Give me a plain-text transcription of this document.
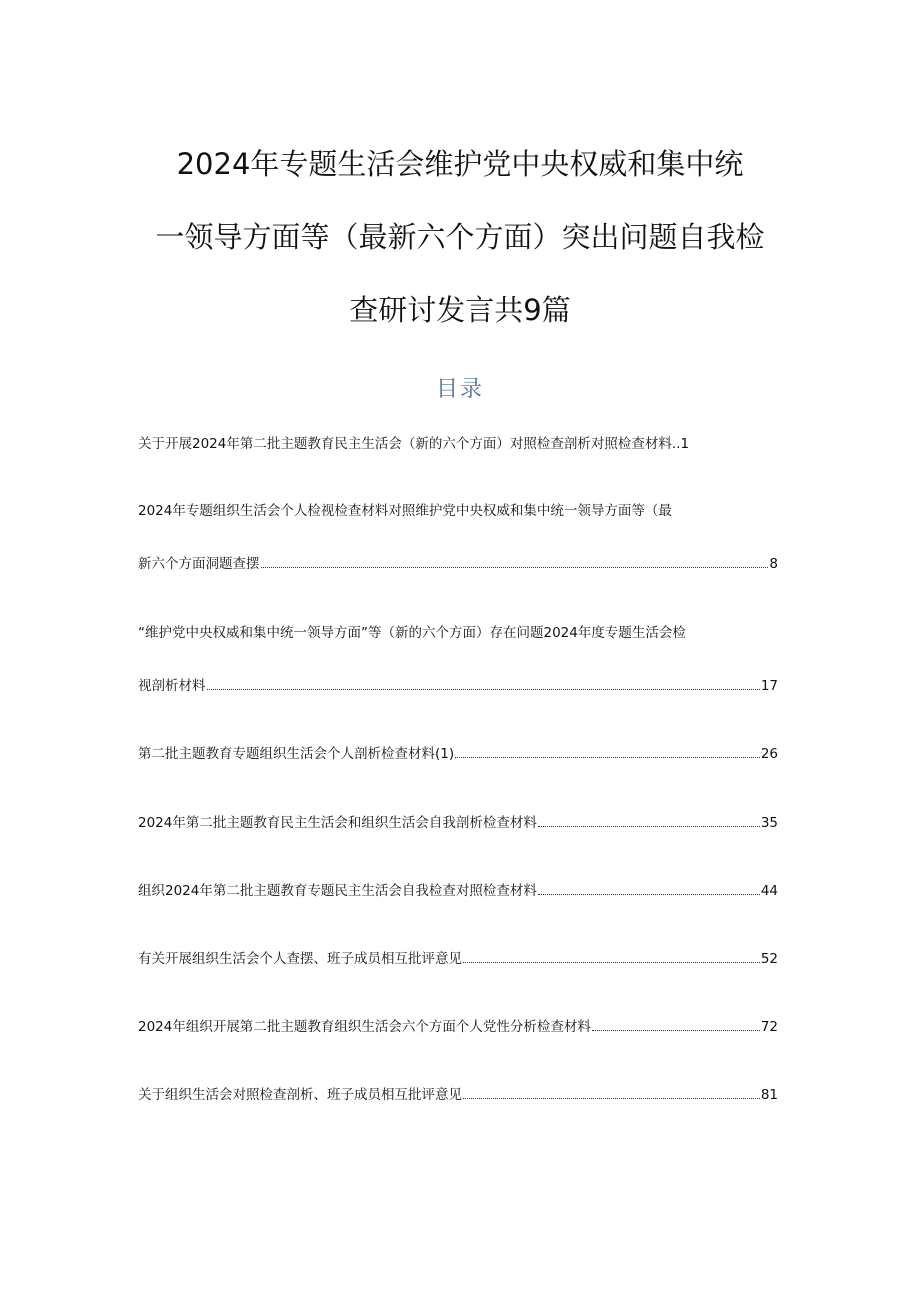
2024年专题生活会维护党中央权威和集中统
一领导方面等（最新六个方面）突出问题自我检
查研讨发言共9篇
目录
关于开展2024年第二批主题教育民主生活会（新的六个方面）对照检查剖析对照检查材料 .. 1
2024年专题组织生活会个人检视检查材料对照维护党中央权威和集中统一领导方面等（最
新六个方面洞题查摆	8
“维护党中央权威和集中统一领导方面”等（新的六个方面）存在问题2024年度专题生活会检
视剖析材料	17
第二批主题教育专题组织生活会个人剖析检查材料(1)	26
2024年第二批主题教育民主生活会和组织生活会自我剖析检查材料	35
组织2024年第二批主题教育专题民主生活会自我检查对照检查材料	44
有关开展组织生活会个人查摆、班子成员相互批评意见	52
2024年组织开展第二批主题教育组织生活会六个方面个人党性分析检查材料	72
关于组织生活会对照检查剖析、班子成员相互批评意见	81
